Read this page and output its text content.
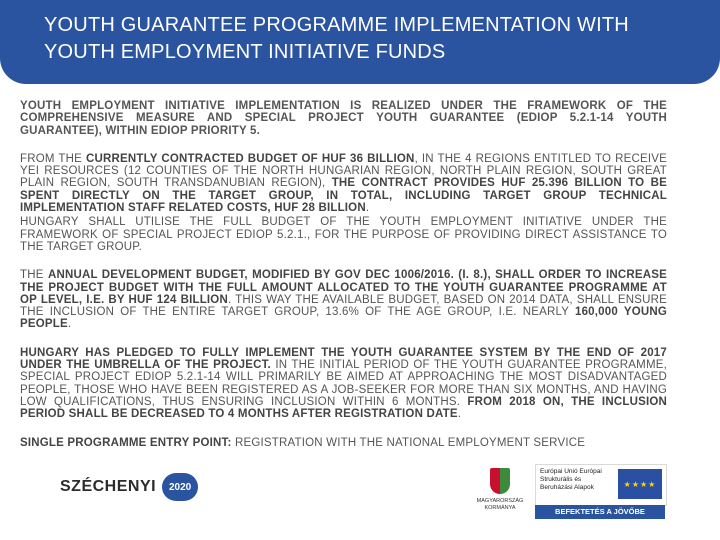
YOUTH GUARANTEE PROGRAMME IMPLEMENTATION WITH YOUTH EMPLOYMENT INITIATIVE FUNDS

YOUTH EMPLOYMENT INITIATIVE IMPLEMENTATION IS REALIZED UNDER THE FRAMEWORK OF THE COMPREHENSIVE MEASURE AND SPECIAL PROJECT YOUTH GUARANTEE (EDIOP 5.2.1-14 YOUTH GUARANTEE), WITHIN EDIOP PRIORITY 5.

FROM THE CURRENTLY CONTRACTED BUDGET OF HUF 36 BILLION, IN THE 4 REGIONS ENTITLED TO RECEIVE YEI RESOURCES (12 COUNTIES OF THE NORTH HUNGARIAN REGION, NORTH PLAIN REGION, SOUTH GREAT PLAIN REGION, SOUTH TRANSDANUBIAN REGION), THE CONTRACT PROVIDES HUF 25.396 BILLION TO BE SPENT DIRECTLY ON THE TARGET GROUP, IN TOTAL, INCLUDING TARGET GROUP TECHNICAL IMPLEMENTATION STAFF RELATED COSTS, HUF 28 BILLION.

HUNGARY SHALL UTILISE THE FULL BUDGET OF THE YOUTH EMPLOYMENT INITIATIVE UNDER THE FRAMEWORK OF SPECIAL PROJECT EDIOP 5.2.1., FOR THE PURPOSE OF PROVIDING DIRECT ASSISTANCE TO THE TARGET GROUP.

THE ANNUAL DEVELOPMENT BUDGET, MODIFIED BY GOV DEC 1006/2016. (I. 8.), SHALL ORDER TO INCREASE THE PROJECT BUDGET WITH THE FULL AMOUNT ALLOCATED TO THE YOUTH GUARANTEE PROGRAMME AT OP LEVEL, I.E. BY HUF 124 BILLION. THIS WAY THE AVAILABLE BUDGET, BASED ON 2014 DATA, SHALL ENSURE THE INCLUSION OF THE ENTIRE TARGET GROUP, 13.6% OF THE AGE GROUP, I.E. NEARLY 160,000 YOUNG PEOPLE.

HUNGARY HAS PLEDGED TO FULLY IMPLEMENT THE YOUTH GUARANTEE SYSTEM BY THE END OF 2017 UNDER THE UMBRELLA OF THE PROJECT. IN THE INITIAL PERIOD OF THE YOUTH GUARANTEE PROGRAMME, SPECIAL PROJECT EDIOP 5.2.1-14 WILL PRIMARILY BE AIMED AT APPROACHING THE MOST DISADVANTAGED PEOPLE, THOSE WHO HAVE BEEN REGISTERED AS A JOB-SEEKER FOR MORE THAN SIX MONTHS, AND HAVING LOW QUALIFICATIONS, THUS ENSURING INCLUSION WITHIN 6 MONTHS. FROM 2018 ON, THE INCLUSION PERIOD SHALL BE DECREASED TO 4 MONTHS AFTER REGISTRATION DATE.

SINGLE PROGRAMME ENTRY POINT: REGISTRATION WITH THE NATIONAL EMPLOYMENT SERVICE

SZÉCHENYI	2020
MAGYARORSZÁG KORMÁNYA
Európai Unió Európai Strukturális és Beruházási Alapok	★★★★
BEFEKTETÉS A JÖVŐBE
